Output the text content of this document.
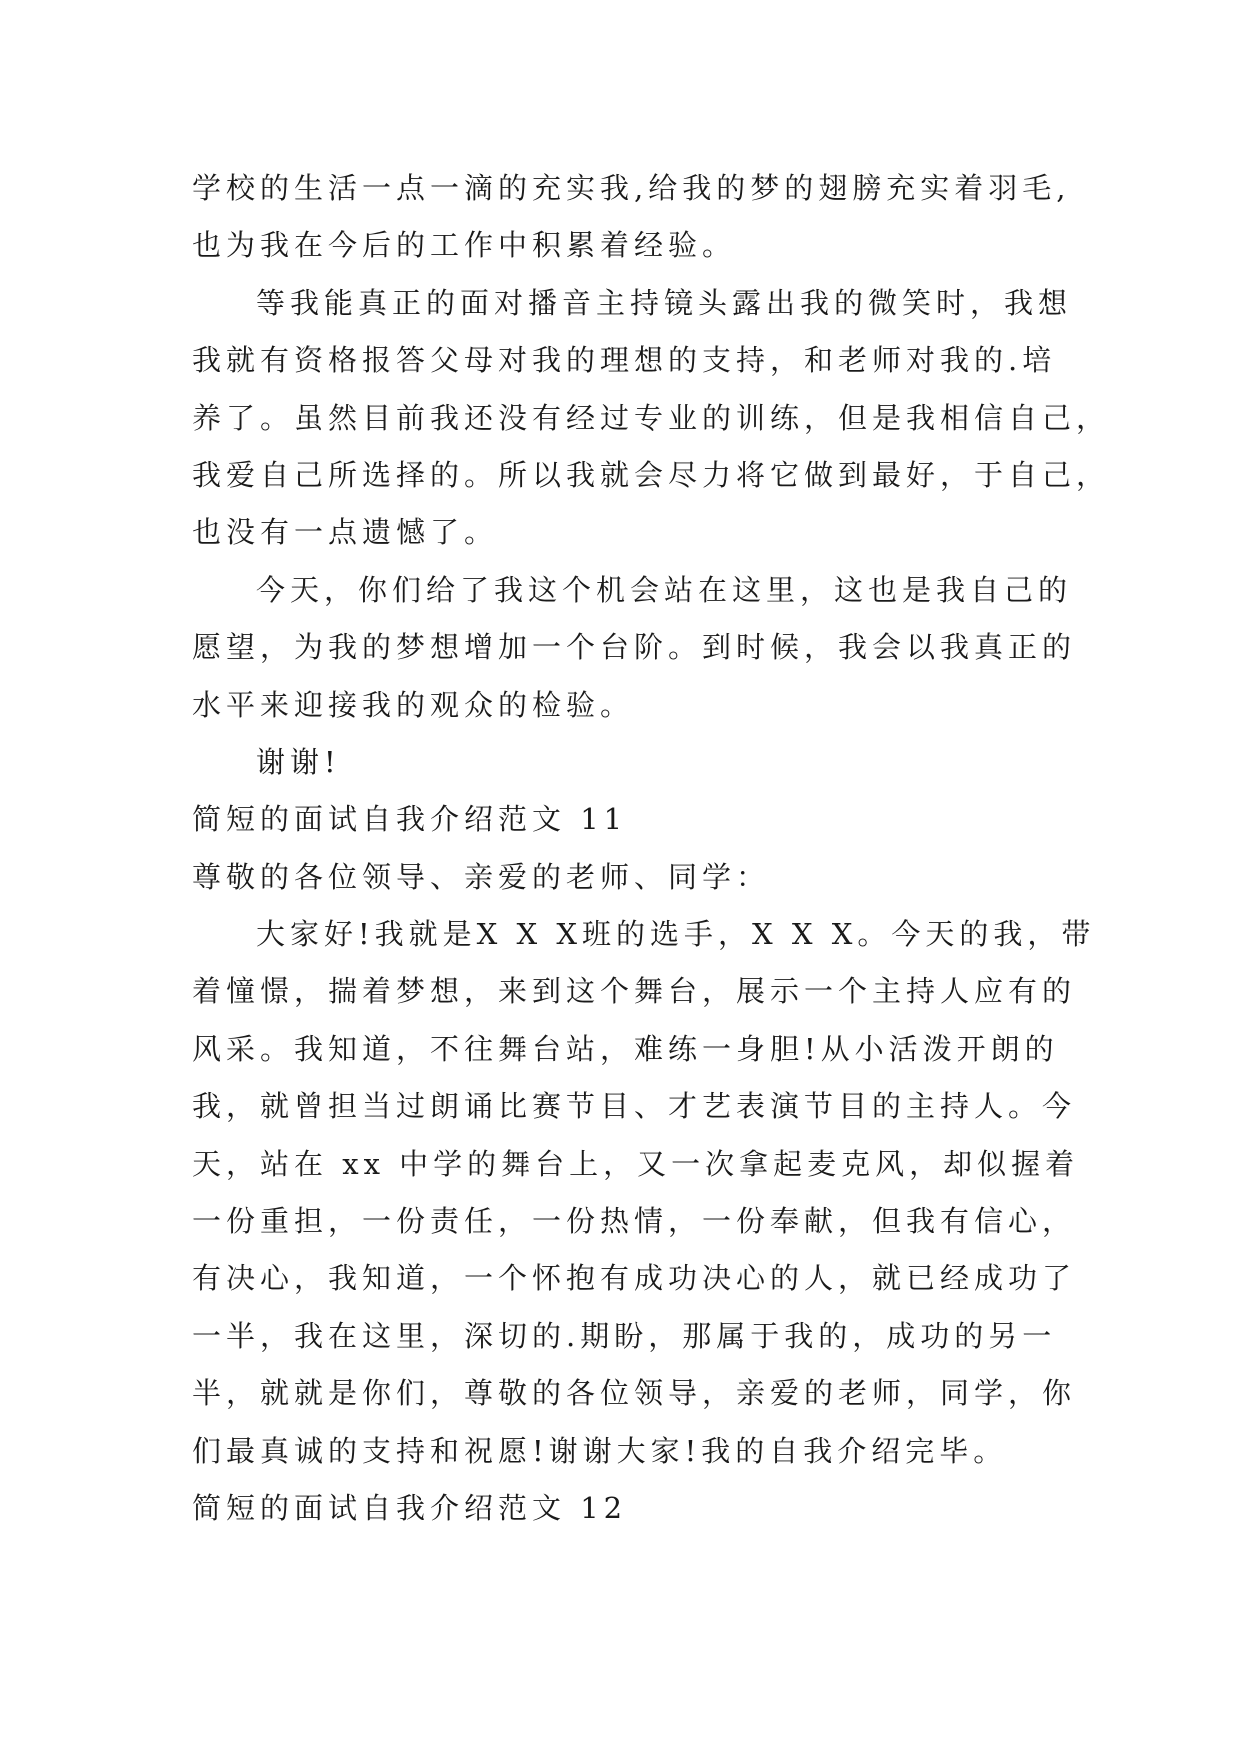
学校的生活一点一滴的充实我,给我的梦的翅膀充实着羽毛,
也为我在今后的工作中积累着经验。
等我能真正的面对播音主持镜头露出我的微笑时，我想
我就有资格报答父母对我的理想的支持，和老师对我的.培
养了。虽然目前我还没有经过专业的训练，但是我相信自己，
我爱自己所选择的。所以我就会尽力将它做到最好，于自己，
也没有一点遗憾了。
今天，你们给了我这个机会站在这里，这也是我自己的
愿望，为我的梦想增加一个台阶。到时候，我会以我真正的
水平来迎接我的观众的检验。
谢谢!
简短的面试自我介绍范文 11
尊敬的各位领导、亲爱的老师、同学：
大家好!我就是X X X班的选手，X X X。今天的我，带
着憧憬，揣着梦想，来到这个舞台，展示一个主持人应有的
风采。我知道，不往舞台站，难练一身胆!从小活泼开朗的
我，就曾担当过朗诵比赛节目、才艺表演节目的主持人。今
天，站在 xx 中学的舞台上，又一次拿起麦克风，却似握着
一份重担，一份责任，一份热情，一份奉献，但我有信心，
有决心，我知道，一个怀抱有成功决心的人，就已经成功了
一半，我在这里，深切的.期盼，那属于我的，成功的另一
半，就就是你们，尊敬的各位领导，亲爱的老师，同学，你
们最真诚的支持和祝愿!谢谢大家!我的自我介绍完毕。
简短的面试自我介绍范文 12
